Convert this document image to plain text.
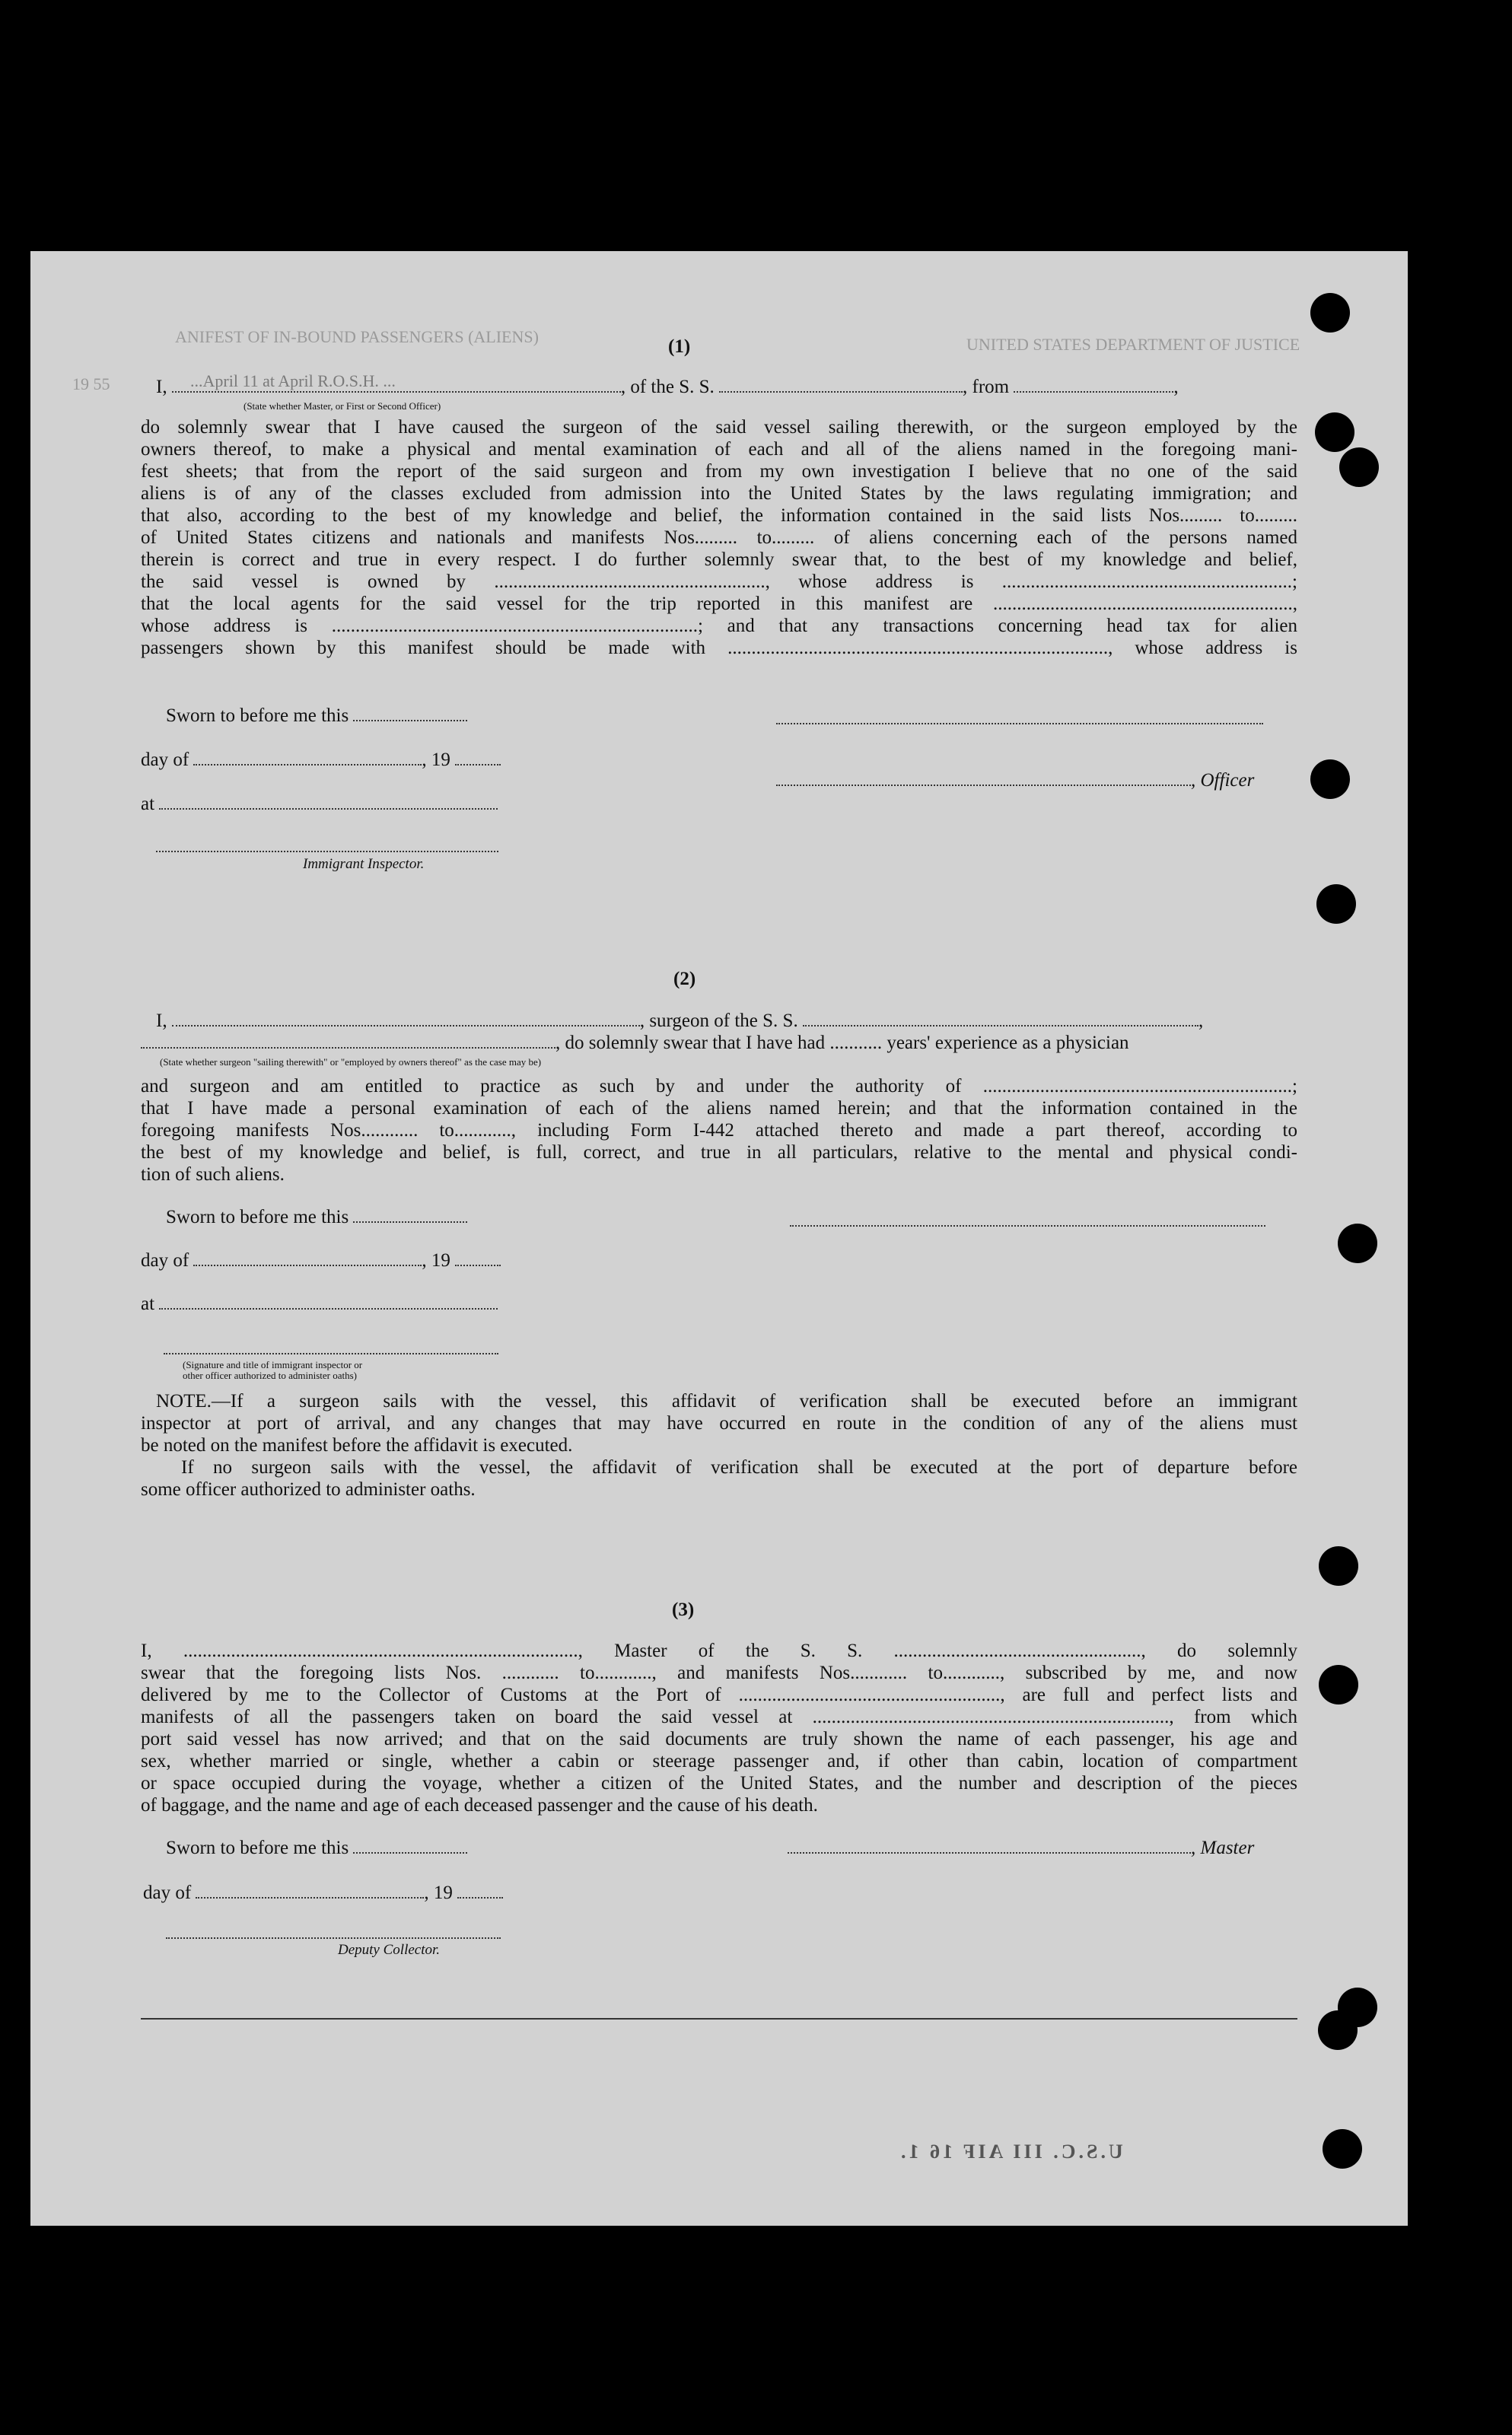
ANIFEST OF IN-BOUND PASSENGERS (ALIENS)	UNITED STATES DEPARTMENT OF JUSTICE
19 55
(1)
I,	, of the S. S.	, from	,
...April 11 at April R.O.S.H. ...
(State whether Master, or First or Second Officer)
do solemnly swear that I have caused the surgeon of the said vessel sailing therewith, or the surgeon employed by the
owners thereof, to make a physical and mental examination of each and all of the aliens named in the foregoing mani-
fest sheets; that from the report of the said surgeon and from my own investigation I believe that no one of the said
aliens is of any of the classes excluded from admission into the United States by the laws regulating immigration; and
that also, according to the best of my knowledge and belief, the information contained in the said lists Nos......... to.........
of United States citizens and nationals and manifests Nos......... to......... of aliens concerning each of the persons named
therein is correct and true in every respect. I do further solemnly swear that, to the best of my knowledge and belief,
the said vessel is owned by ........................................................., whose address is .............................................................;
that the local agents for the said vessel for the trip reported in this manifest are ...............................................................,
whose address is .............................................................................; and that any transactions concerning head tax for alien
passengers shown by this manifest should be made with ................................................................................, whose address is
Sworn to before me this
day of	, 19
, Officer
at
Immigrant Inspector.
(2)
I,	, surgeon of the S. S.	,
, do solemnly swear that I have had ........... years' experience as a physician
(State whether surgeon "sailing therewith" or "employed by owners thereof" as the case may be)
and surgeon and am entitled to practice as such by and under the authority of .................................................................;
that I have made a personal examination of each of the aliens named herein; and that the information contained in the
foregoing manifests Nos............ to............, including Form I-442 attached thereto and made a part thereof, according to
the best of my knowledge and belief, is full, correct, and true in all particulars, relative to the mental and physical condi-
tion of such aliens.
Sworn to before me this
day of	, 19
at
(Signature and title of immigrant inspector or
other officer authorized to administer oaths)
NOTE.—If a surgeon sails with the vessel, this affidavit of verification shall be executed before an immigrant
inspector at port of arrival, and any changes that may have occurred en route in the condition of any of the aliens must
be noted on the manifest before the affidavit is executed.
If no surgeon sails with the vessel, the affidavit of verification shall be executed at the port of departure before
some officer authorized to administer oaths.
(3)
I, ..................................................................................., Master of the S. S. ...................................................., do solemnly
swear that the foregoing lists Nos. ............ to............, and manifests Nos............ to............, subscribed by me, and now
delivered by me to the Collector of Customs at the Port of ......................................................., are full and perfect lists and
manifests of all the passengers taken on board the said vessel at ..........................................................................., from which
port said vessel has now arrived; and that on the said documents are truly shown the name of each passenger, his age and
sex, whether married or single, whether a cabin or steerage passenger and, if other than cabin, location of compartment
or space occupied during the voyage, whether a citizen of the United States, and the number and description of the pieces
of baggage, and the name and age of each deceased passenger and the cause of his death.
Sworn to before me this	, Master
day of	, 19
Deputy Collector.
U.S.C. III AIF 16 1.
